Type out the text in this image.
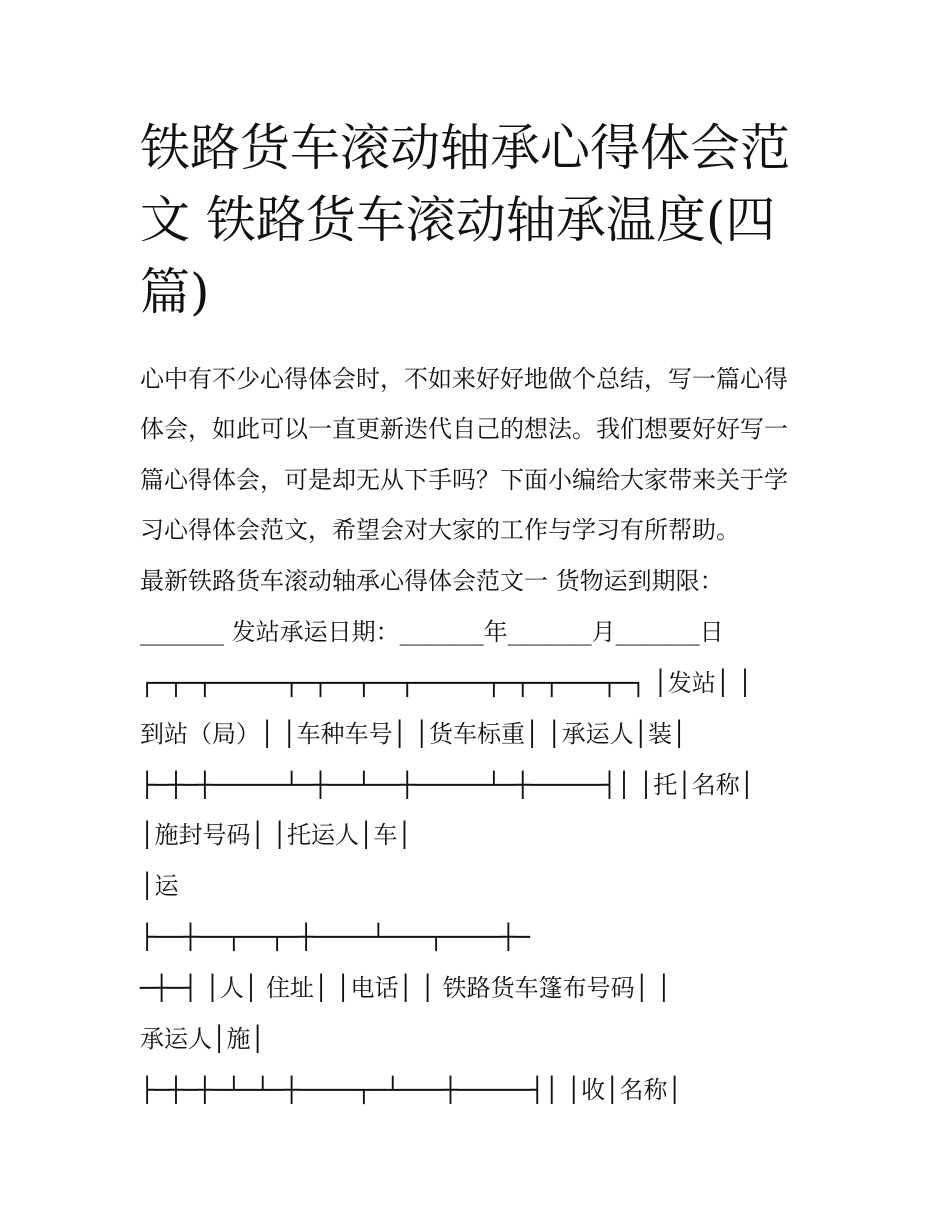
铁路货车滚动轴承心得体会范
文 铁路货车滚动轴承温度(四
篇)
心中有不少心得体会时，不如来好好地做个总结，写一篇心得
体会，如此可以一直更新迭代自己的想法。我们想要好好写一
篇心得体会，可是却无从下手吗？下面小编给大家带来关于学
习心得体会范文，希望会对大家的工作与学习有所帮助。
最新铁路货车滚动轴承心得体会范文一 货物运到期限：
_______ 发站承运日期：_______年_______月_______日
┌─┬─┬─────┬─┬──┬──┬─────┬─┬─┬───┬─┐ │发站│ │
到站（局）│ │车种车号│ │货车标重│ │承运人│装│
├─┼─┼─────┴─┼──┴──┼─────┴─┼─────┤│ │托│名称│
│施封号码│ │托运人│车│
│运
├──┼──┬──┬─┼────┴───┬────┼─
─┼─┤ │人│ 住址│ │电话│ │ 铁路货车篷布号码│ │
承运人│施│
├─┼─┼─┴─┴─┼────┬─┴───┼─────┤│ │收│名称│
